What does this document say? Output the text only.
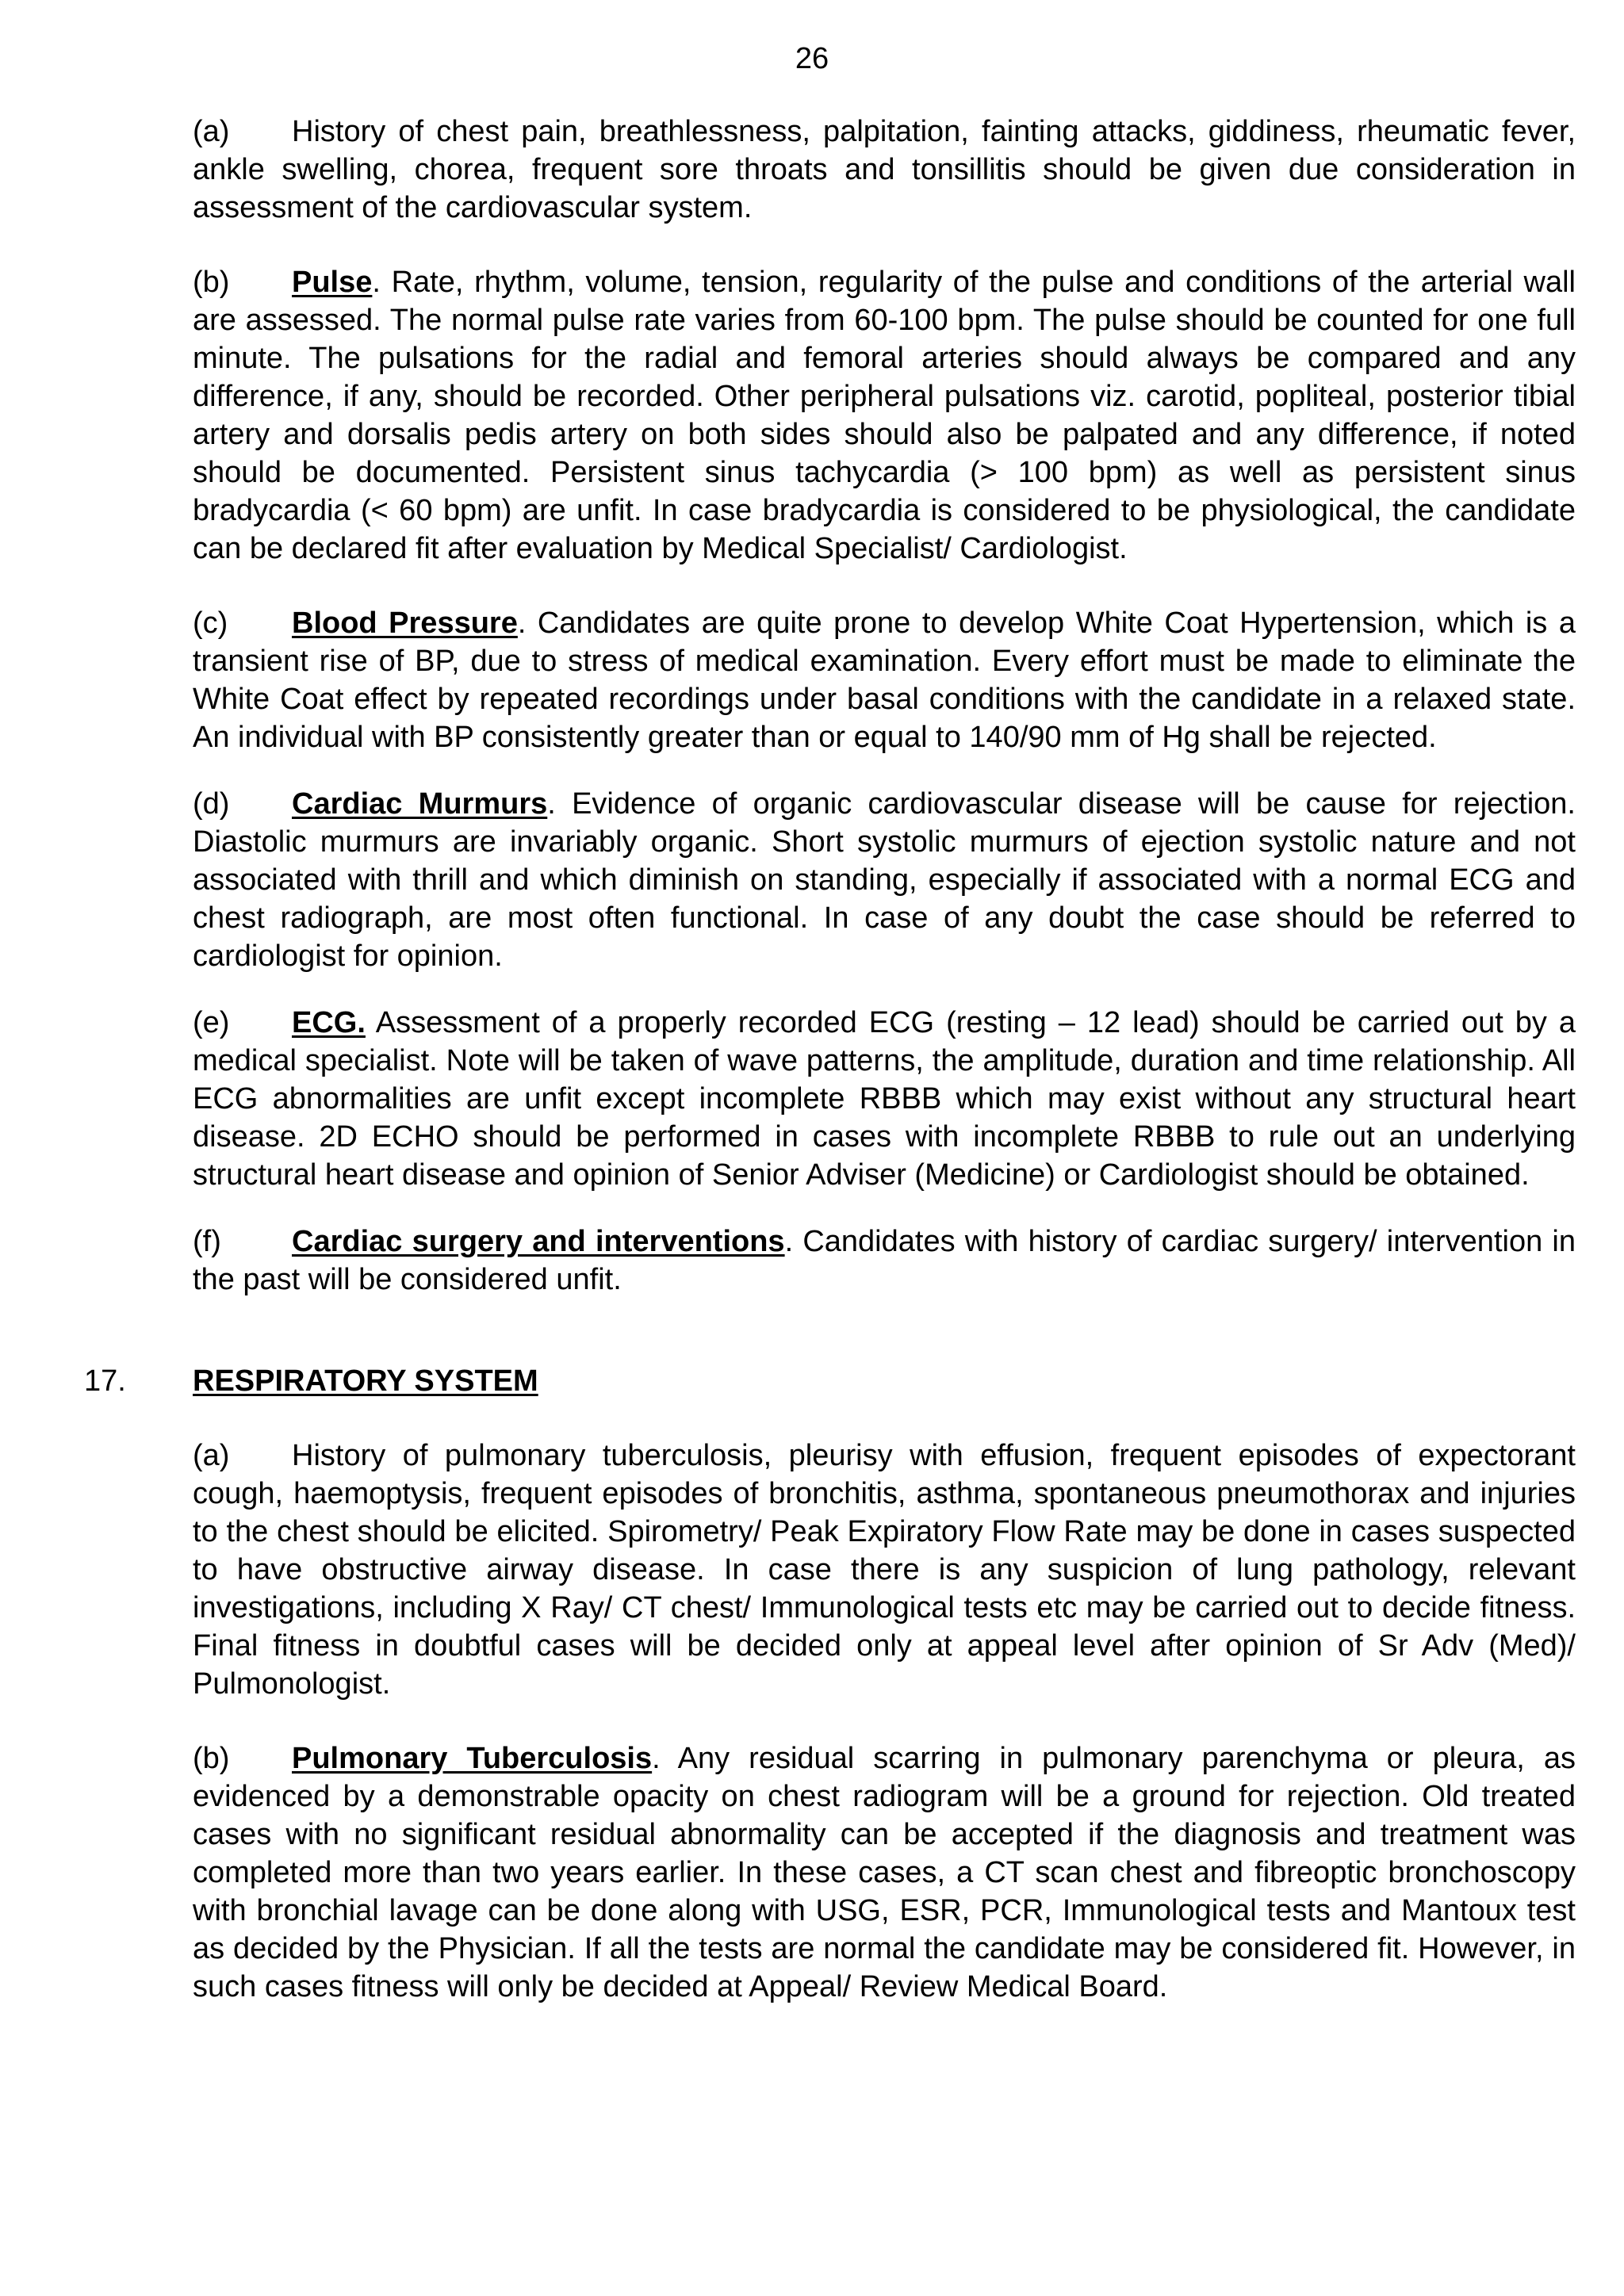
26

(a) History of chest pain, breathlessness, palpitation, fainting attacks, giddiness, rheumatic fever, ankle swelling, chorea, frequent sore throats and tonsillitis should be given due consideration in assessment of the cardiovascular system.

(b) Pulse. Rate, rhythm, volume, tension, regularity of the pulse and conditions of the arterial wall are assessed. The normal pulse rate varies from 60-100 bpm. The pulse should be counted for one full minute. The pulsations for the radial and femoral arteries should always be compared and any difference, if any, should be recorded. Other peripheral pulsations viz. carotid, popliteal, posterior tibial artery and dorsalis pedis artery on both sides should also be palpated and any difference, if noted should be documented. Persistent sinus tachycardia (> 100 bpm) as well as persistent sinus bradycardia (< 60 bpm) are unfit. In case bradycardia is considered to be physiological, the candidate can be declared fit after evaluation by Medical Specialist/ Cardiologist.

(c) Blood Pressure. Candidates are quite prone to develop White Coat Hypertension, which is a transient rise of BP, due to stress of medical examination. Every effort must be made to eliminate the White Coat effect by repeated recordings under basal conditions with the candidate in a relaxed state. An individual with BP consistently greater than or equal to 140/90 mm of Hg shall be rejected.

(d) Cardiac Murmurs. Evidence of organic cardiovascular disease will be cause for rejection. Diastolic murmurs are invariably organic. Short systolic murmurs of ejection systolic nature and not associated with thrill and which diminish on standing, especially if associated with a normal ECG and chest radiograph, are most often functional. In case of any doubt the case should be referred to cardiologist for opinion.

(e) ECG. Assessment of a properly recorded ECG (resting – 12 lead) should be carried out by a medical specialist. Note will be taken of wave patterns, the amplitude, duration and time relationship. All ECG abnormalities are unfit except incomplete RBBB which may exist without any structural heart disease. 2D ECHO should be performed in cases with incomplete RBBB to rule out an underlying structural heart disease and opinion of Senior Adviser (Medicine) or Cardiologist should be obtained.

(f) Cardiac surgery and interventions. Candidates with history of cardiac surgery/ intervention in the past will be considered unfit.

17. RESPIRATORY SYSTEM

(a) History of pulmonary tuberculosis, pleurisy with effusion, frequent episodes of expectorant cough, haemoptysis, frequent episodes of bronchitis, asthma, spontaneous pneumothorax and injuries to the chest should be elicited. Spirometry/ Peak Expiratory Flow Rate may be done in cases suspected to have obstructive airway disease. In case there is any suspicion of lung pathology, relevant investigations, including X Ray/ CT chest/ Immunological tests etc may be carried out to decide fitness. Final fitness in doubtful cases will be decided only at appeal level after opinion of Sr Adv (Med)/ Pulmonologist.

(b) Pulmonary Tuberculosis. Any residual scarring in pulmonary parenchyma or pleura, as evidenced by a demonstrable opacity on chest radiogram will be a ground for rejection. Old treated cases with no significant residual abnormality can be accepted if the diagnosis and treatment was completed more than two years earlier. In these cases, a CT scan chest and fibreoptic bronchoscopy with bronchial lavage can be done along with USG, ESR, PCR, Immunological tests and Mantoux test as decided by the Physician. If all the tests are normal the candidate may be considered fit. However, in such cases fitness will only be decided at Appeal/ Review Medical Board.
